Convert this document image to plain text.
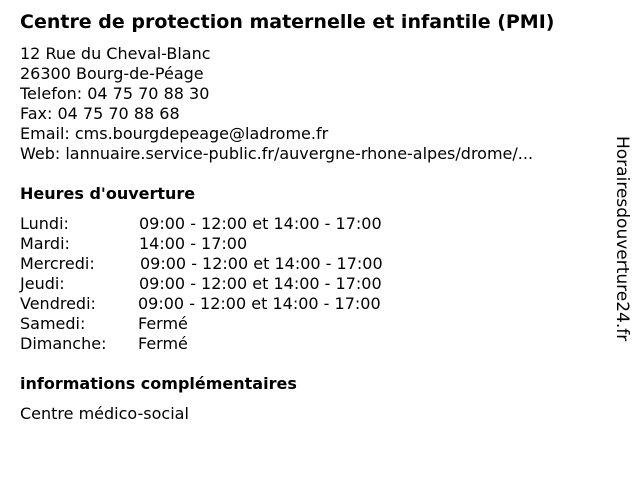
Centre de protection maternelle et infantile (PMI)
12 Rue du Cheval-Blanc
26300 Bourg-de-Péage
Telefon: 04 75 70 88 30
Fax: 04 75 70 88 68
Email: cms.bourgdepeage@ladrome.fr
Web: lannuaire.service-public.fr/auvergne-rhone-alpes/drome/...
Heures d'ouverture
Lundi:	09:00 - 12:00 et 14:00 - 17:00
Mardi:	14:00 - 17:00
Mercredi:	09:00 - 12:00 et 14:00 - 17:00
Jeudi:	09:00 - 12:00 et 14:00 - 17:00
Vendredi:	09:00 - 12:00 et 14:00 - 17:00
Samedi:	Fermé
Dimanche: Fermé
informations complémentaires
Centre médico-social
Horairesdouverture24.fr
